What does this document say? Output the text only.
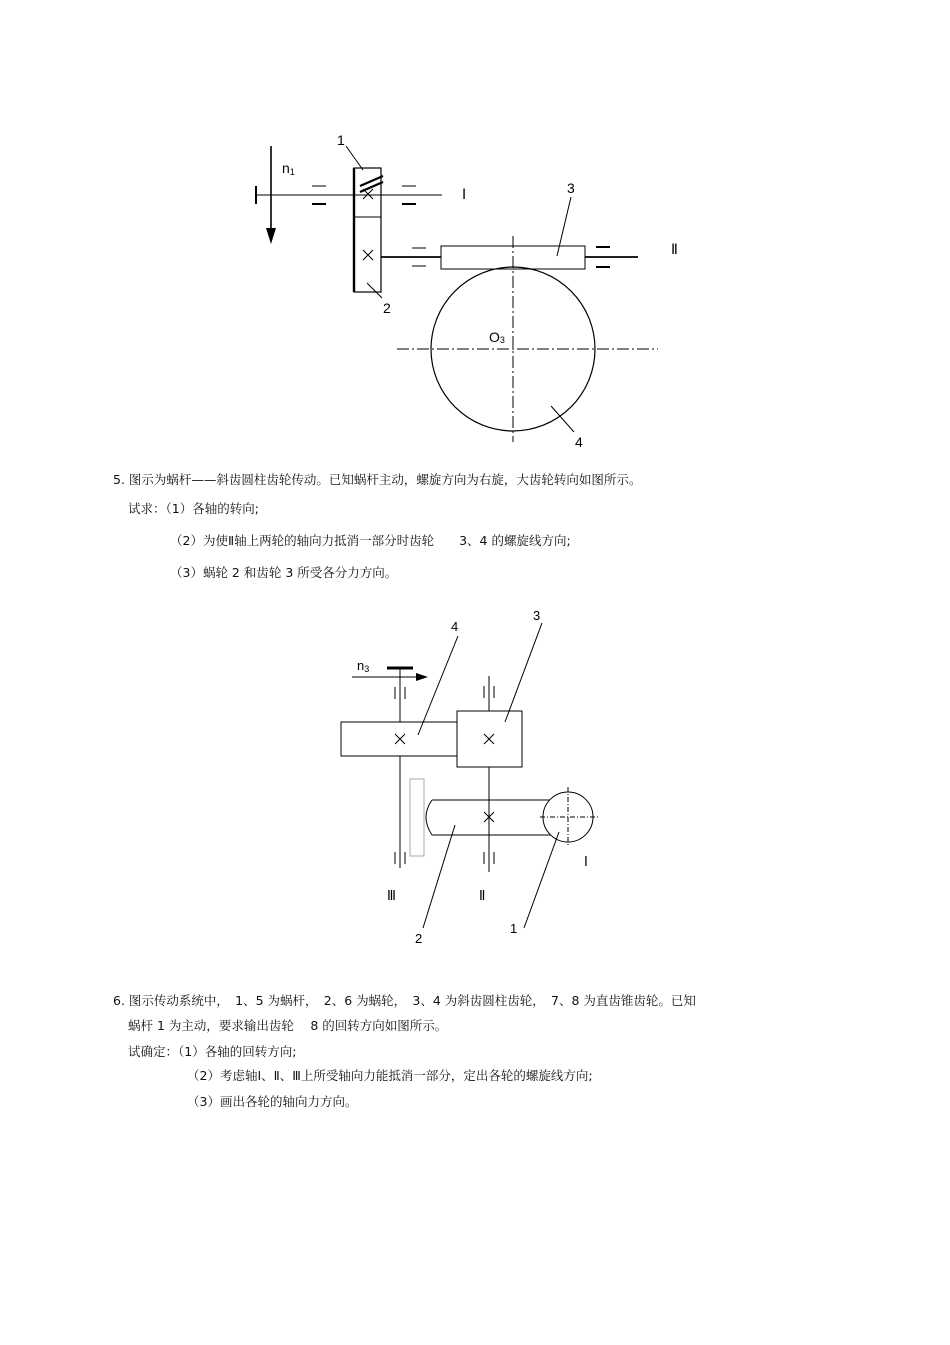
1
n1
Ⅰ	3
Ⅱ
2
O3
4
5. 图示为蜗杆——斜齿圆柱齿轮传动。已知蜗杆主动，螺旋方向为右旋，大齿轮转向如图所示。
试求：（1）各轴的转向;
（2）为使Ⅱ轴上两轮的轴向力抵消一部分时齿轮　　3、4 的螺旋线方向;
（3）蜗轮 2 和齿轮 3 所受各分力方向。
4
3
n3
Ⅰ
Ⅲ	Ⅱ
1
2
6. 图示传动系统中，　1、5 为蜗杆，　2、6 为蜗轮，　3、4 为斜齿圆柱齿轮，　7、8 为直齿锥齿轮。已知
蜗杆 1 为主动，要求输出齿轮　 8 的回转方向如图所示。
试确定：（1）各轴的回转方向;
（2）考虑轴Ⅰ、Ⅱ、Ⅲ上所受轴向力能抵消一部分，定出各轮的螺旋线方向;
（3）画出各轮的轴向力方向。
